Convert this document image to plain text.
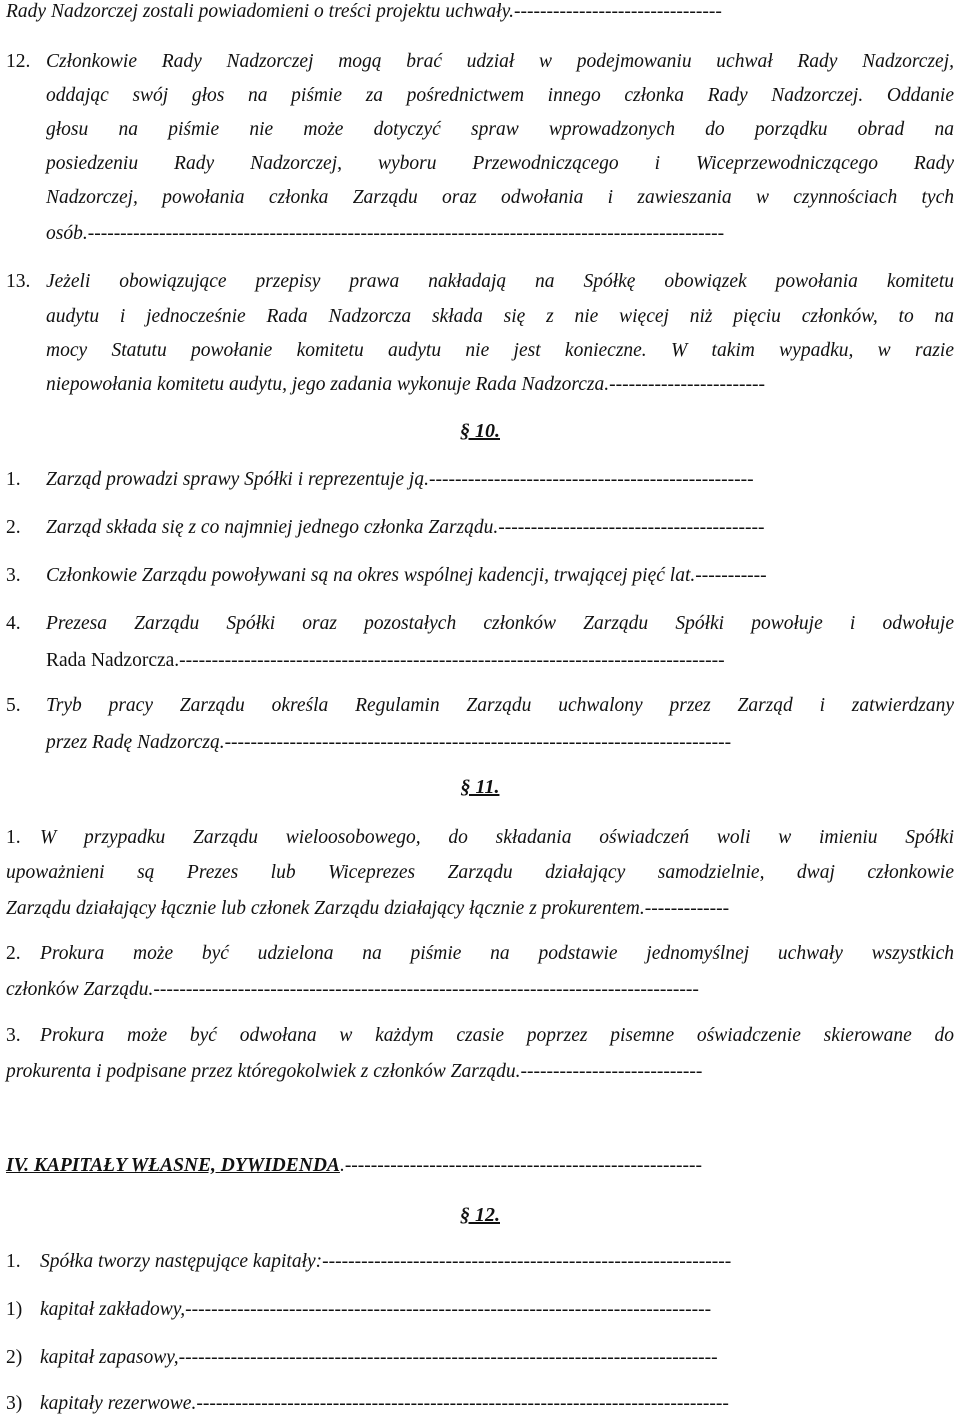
Rady Nadzorczej zostali powiadomieni o treści projektu uchwały.--------------------------------
12. Członkowie Rady Nadzorczej mogą brać udział w podejmowaniu uchwał Rady Nadzorczej,
oddając swój głos na piśmie za pośrednictwem innego członka Rady Nadzorczej. Oddanie
głosu na piśmie nie może dotyczyć spraw wprowadzonych do porządku obrad na
posiedzeniu Rady Nadzorczej, wyboru Przewodniczącego i Wiceprzewodniczącego Rady
Nadzorczej, powołania członka Zarządu oraz odwołania i zawieszania w czynnościach tych
osób.--------------------------------------------------------------------------------------------------
13. Jeżeli obowiązujące przepisy prawa nakładają na Spółkę obowiązek powołania komitetu
audytu i jednocześnie Rada Nadzorcza składa się z nie więcej niż pięciu członków, to na
mocy Statutu powołanie komitetu audytu nie jest konieczne. W takim wypadku, w razie
niepowołania komitetu audytu, jego zadania wykonuje Rada Nadzorcza.------------------------
§ 10.
1. Zarząd prowadzi sprawy Spółki i reprezentuje ją.--------------------------------------------------
2. Zarząd składa się z co najmniej jednego członka Zarządu.-----------------------------------------
3. Członkowie Zarządu powoływani są na okres wspólnej kadencji, trwającej pięć lat.-----------
4. Prezesa Zarządu Spółki oraz pozostałych członków Zarządu Spółki powołuje i odwołuje
Rada Nadzorcza.------------------------------------------------------------------------------------
5. Tryb pracy Zarządu określa Regulamin Zarządu uchwalony przez Zarząd i zatwierdzany
przez Radę Nadzorczą.------------------------------------------------------------------------------
§ 11.
1. W przypadku Zarządu wieloosobowego, do składania oświadczeń woli w imieniu Spółki
upoważnieni są Prezes lub Wiceprezes Zarządu działający samodzielnie, dwaj członkowie
Zarządu działający łącznie lub członek Zarządu działający łącznie z prokurentem.-------------
2. Prokura może być udzielona na piśmie na podstawie jednomyślnej uchwały wszystkich
członków Zarządu.------------------------------------------------------------------------------------
3. Prokura może być odwołana w każdym czasie poprzez pisemne oświadczenie skierowane do
prokurenta i podpisane przez któregokolwiek z członków Zarządu.----------------------------
IV. KAPITAŁY WŁASNE, DYWIDENDA.-------------------------------------------------------
§ 12.
1. Spółka tworzy następujące kapitały:---------------------------------------------------------------
1) kapitał zakładowy,---------------------------------------------------------------------------------
2) kapitał zapasowy,-----------------------------------------------------------------------------------
3) kapitały rezerwowe.----------------------------------------------------------------------------------
